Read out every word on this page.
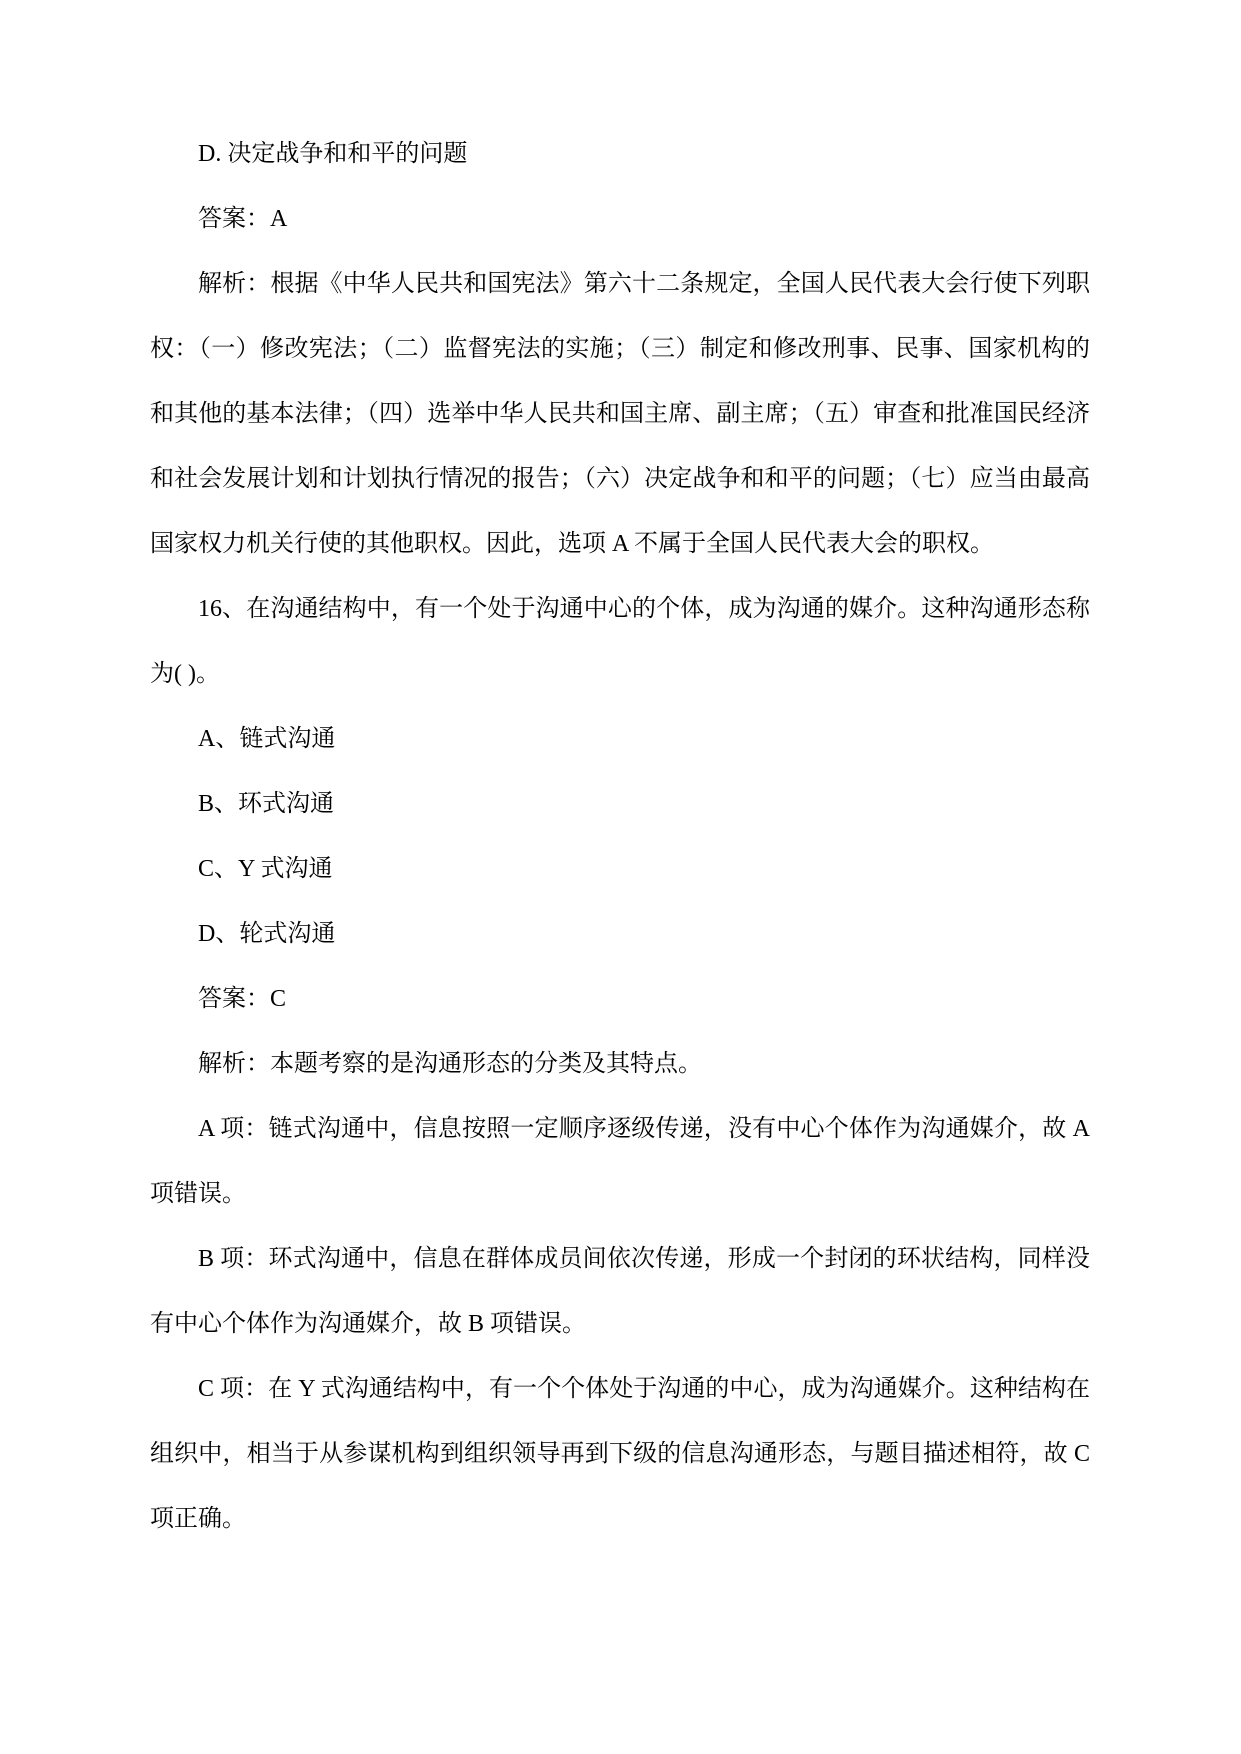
D. 决定战争和和平的问题

答案：A

解析：根据《中华人民共和国宪法》第六十二条规定，全国人民代表大会行使下列职权：（一）修改宪法；（二）监督宪法的实施；（三）制定和修改刑事、民事、国家机构的和其他的基本法律；（四）选举中华人民共和国主席、副主席；（五）审查和批准国民经济和社会发展计划和计划执行情况的报告；（六）决定战争和和平的问题；（七）应当由最高国家权力机关行使的其他职权。因此，选项 A 不属于全国人民代表大会的职权。

16、在沟通结构中，有一个处于沟通中心的个体，成为沟通的媒介。这种沟通形态称为( )。

A、链式沟通

B、环式沟通

C、Y 式沟通

D、轮式沟通

答案：C

解析：本题考察的是沟通形态的分类及其特点。

A 项：链式沟通中，信息按照一定顺序逐级传递，没有中心个体作为沟通媒介，故 A 项错误。

B 项：环式沟通中，信息在群体成员间依次传递，形成一个封闭的环状结构，同样没有中心个体作为沟通媒介，故 B 项错误。

C 项：在 Y 式沟通结构中，有一个个体处于沟通的中心，成为沟通媒介。这种结构在组织中，相当于从参谋机构到组织领导再到下级的信息沟通形态，与题目描述相符，故 C 项正确。
